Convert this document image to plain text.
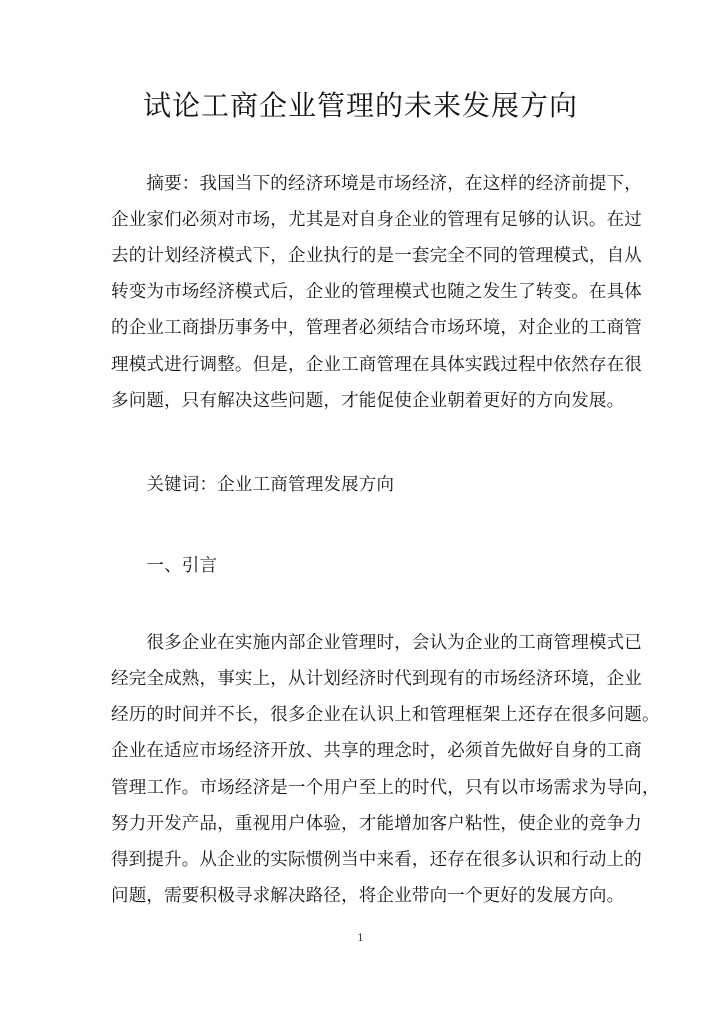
试论工商企业管理的未来发展方向
　　摘要：我国当下的经济环境是市场经济，在这样的经济前提下，
企业家们必须对市场，尤其是对自身企业的管理有足够的认识。在过
去的计划经济模式下，企业执行的是一套完全不同的管理模式，自从
转变为市场经济模式后，企业的管理模式也随之发生了转变。在具体
的企业工商掛历事务中，管理者必须结合市场环境，对企业的工商管
理模式进行调整。但是，企业工商管理在具体实践过程中依然存在很
多问题，只有解决这些问题，才能促使企业朝着更好的方向发展。
　　关键词：企业工商管理发展方向
　　一、引言
　　很多企业在实施内部企业管理时，会认为企业的工商管理模式已
经完全成熟，事实上，从计划经济时代到现有的市场经济环境，企业
经历的时间并不长，很多企业在认识上和管理框架上还存在很多问题。
企业在适应市场经济开放、共享的理念时，必须首先做好自身的工商
管理工作。市场经济是一个用户至上的时代，只有以市场需求为导向，
努力开发产品，重视用户体验，才能增加客户粘性，使企业的竞争力
得到提升。从企业的实际惯例当中来看，还存在很多认识和行动上的
问题，需要积极寻求解决路径，将企业带向一个更好的发展方向。
1
